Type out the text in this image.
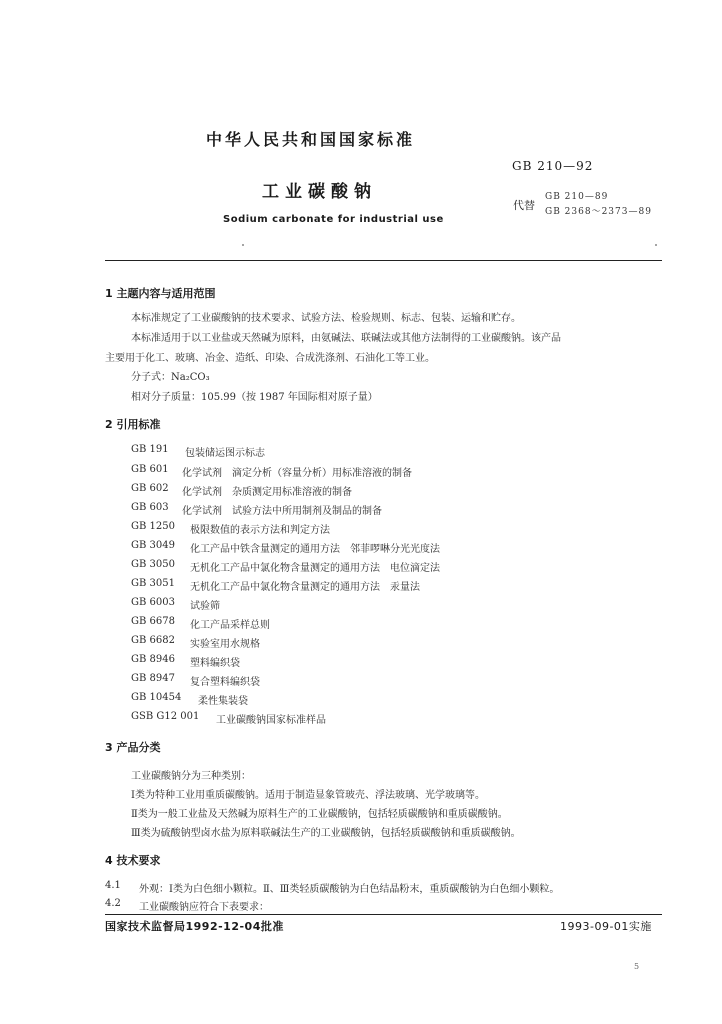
中华人民共和国国家标准
GB 210—92
工业碳酸钠
Sodium carbonate for industrial use
代替
GB 210—89
GB 2368～2373—89
1 主题内容与适用范围
本标准规定了工业碳酸钠的技术要求、试验方法、检验规则、标志、包装、运输和贮存。
本标准适用于以工业盐或天然碱为原料，由氨碱法、联碱法或其他方法制得的工业碳酸钠。该产品
主要用于化工、玻璃、冶金、造纸、印染、合成洗涤剂、石油化工等工业。
分子式：Na₂CO₃
相对分子质量：105.99（按 1987 年国际相对原子量）
2 引用标准
GB 191 包装储运图示标志
GB 601 化学试剂　滴定分析（容量分析）用标准溶液的制备
GB 602 化学试剂　杂质测定用标准溶液的制备
GB 603 化学试剂　试验方法中所用制剂及制品的制备
GB 1250 极限数值的表示方法和判定方法
GB 3049 化工产品中铁含量测定的通用方法　邻菲啰啉分光光度法
GB 3050 无机化工产品中氯化物含量测定的通用方法　电位滴定法
GB 3051 无机化工产品中氯化物含量测定的通用方法　汞量法
GB 6003 试验筛
GB 6678 化工产品采样总则
GB 6682 实验室用水规格
GB 8946 塑料编织袋
GB 8947 复合塑料编织袋
GB 10454 柔性集装袋
GSB G12 001 工业碳酸钠国家标准样品
3 产品分类
工业碳酸钠分为三种类别：
Ⅰ类为特种工业用重质碳酸钠。适用于制造显象管玻壳、浮法玻璃、光学玻璃等。
Ⅱ类为一般工业盐及天然碱为原料生产的工业碳酸钠，包括轻质碳酸钠和重质碳酸钠。
Ⅲ类为硫酸钠型卤水盐为原料联碱法生产的工业碳酸钠，包括轻质碳酸钠和重质碳酸钠。
4 技术要求
4.1 外观：Ⅰ类为白色细小颗粒。Ⅱ、Ⅲ类轻质碳酸钠为白色结晶粉末，重质碳酸钠为白色细小颗粒。
4.2 工业碳酸钠应符合下表要求：
国家技术监督局1992-12-04批准	1993-09-01实施
5
